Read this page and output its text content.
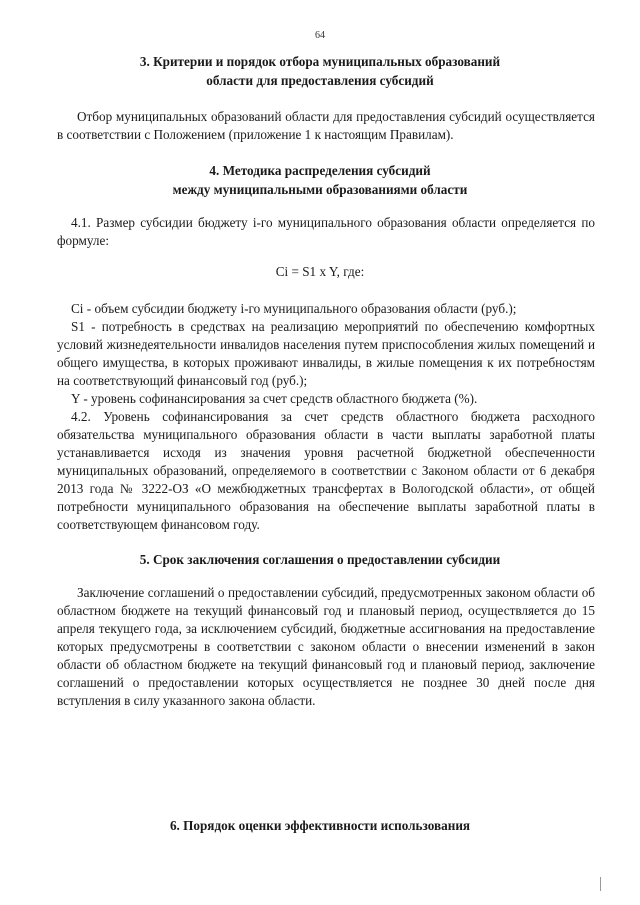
64
3. Критерии и порядок отбора муниципальных образований
области для предоставления субсидий
Отбор муниципальных образований области для предоставления субсидий осуществляется в соответствии с Положением (приложение 1 к настоящим Правилам).
4. Методика распределения субсидий
между муниципальными образованиями области
4.1. Размер субсидии бюджету i-го муниципального образования области определяется по формуле:
Ci = S1 x Y, где:
Ci - объем субсидии бюджету i-го муниципального образования области (руб.);
S1 - потребность в средствах на реализацию мероприятий по обеспечению комфортных условий жизнедеятельности инвалидов населения путем приспособления жилых помещений и общего имущества, в которых проживают инвалиды, в жилые помещения к их потребностям на соответствующий финансовый год (руб.);
Y - уровень софинансирования за счет средств областного бюджета (%).
4.2. Уровень софинансирования за счет средств областного бюджета расходного обязательства муниципального образования области в части выплаты заработной платы устанавливается исходя из значения уровня расчетной бюджетной обеспеченности муниципальных образований, определяемого в соответствии с Законом области от 6 декабря 2013 года № 3222-ОЗ «О межбюджетных трансфертах в Вологодской области», от общей потребности муниципального образования на обеспечение выплаты заработной платы в соответствующем финансовом году.
5. Срок заключения соглашения о предоставлении субсидии
Заключение соглашений о предоставлении субсидий, предусмотренных законом области об областном бюджете на текущий финансовый год и плановый период, осуществляется до 15 апреля текущего года, за исключением субсидий, бюджетные ассигнования на предоставление которых предусмотрены в соответствии с законом области о внесении изменений в закон области об областном бюджете на текущий финансовый год и плановый период, заключение соглашений о предоставлении которых осуществляется не позднее 30 дней после дня вступления в силу указанного закона области.
6. Порядок оценки эффективности использования
